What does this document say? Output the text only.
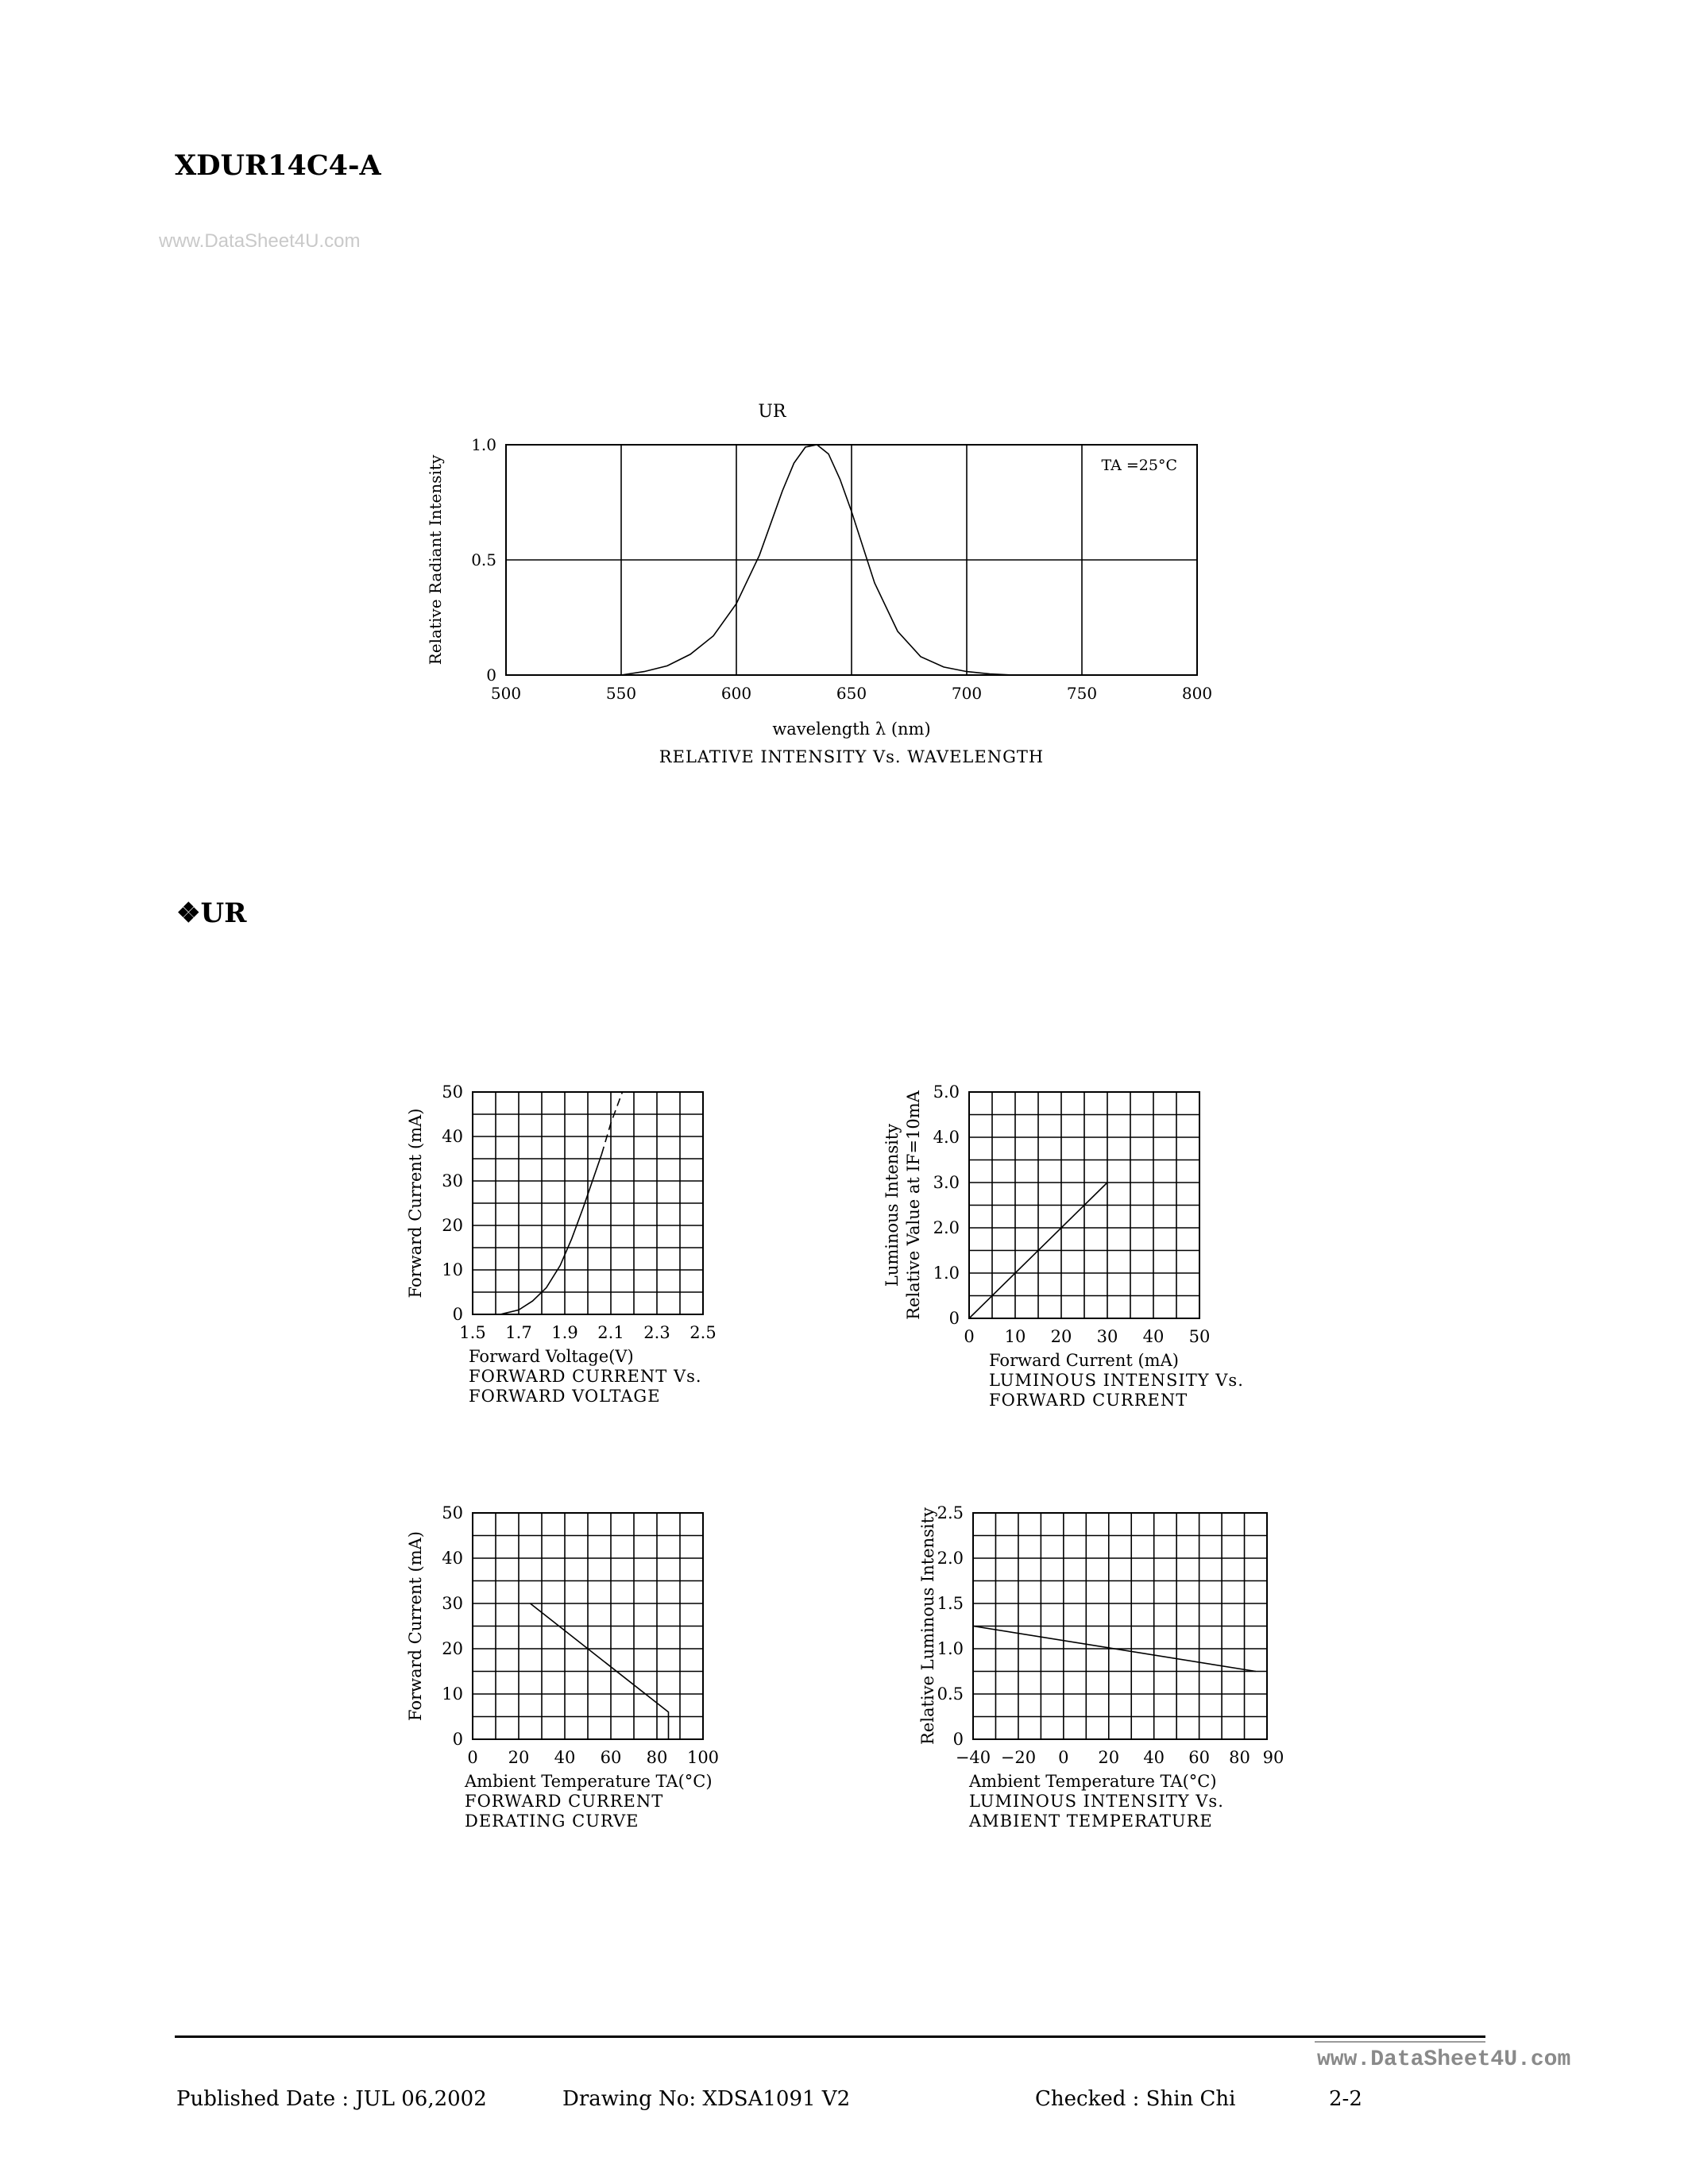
XDUR14C4-A
www.DataSheet4U.com
500	550	600	650	700	750	800
0
0.5
1.0
Relative Radiant Intensity
UR
TA =25°C
wavelength λ (nm)
RELATIVE INTENSITY Vs. WAVELENGTH
❖UR
1.5 1.7 1.9 2.1 2.3 2.5
0
10
20
30
40
50
Forward Current (mA)
Forward Voltage(V)
FORWARD CURRENT Vs.
FORWARD VOLTAGE
0 10 20 30 40 50
0
1.0
2.0
3.0
4.0
5.0
Luminous Intensity Relative Value at IF=10mA
Forward Current (mA)
LUMINOUS INTENSITY Vs.
FORWARD CURRENT
0 20 40 60 80 100
0
10
20
30
40
50
Forward Current (mA)
Ambient Temperature TA(°C)
FORWARD CURRENT
DERATING CURVE
−40 −20 0 20 40 60 80 90
0
0.5
1.0
1.5
2.0
2.5
Relative Luminous Intensity
Ambient Temperature TA(°C)
LUMINOUS INTENSITY Vs.
AMBIENT TEMPERATURE
www.DataSheet4U.com
Published Date : JUL 06,2002	Drawing No: XDSA1091 V2	Checked : Shin Chi	2-2
